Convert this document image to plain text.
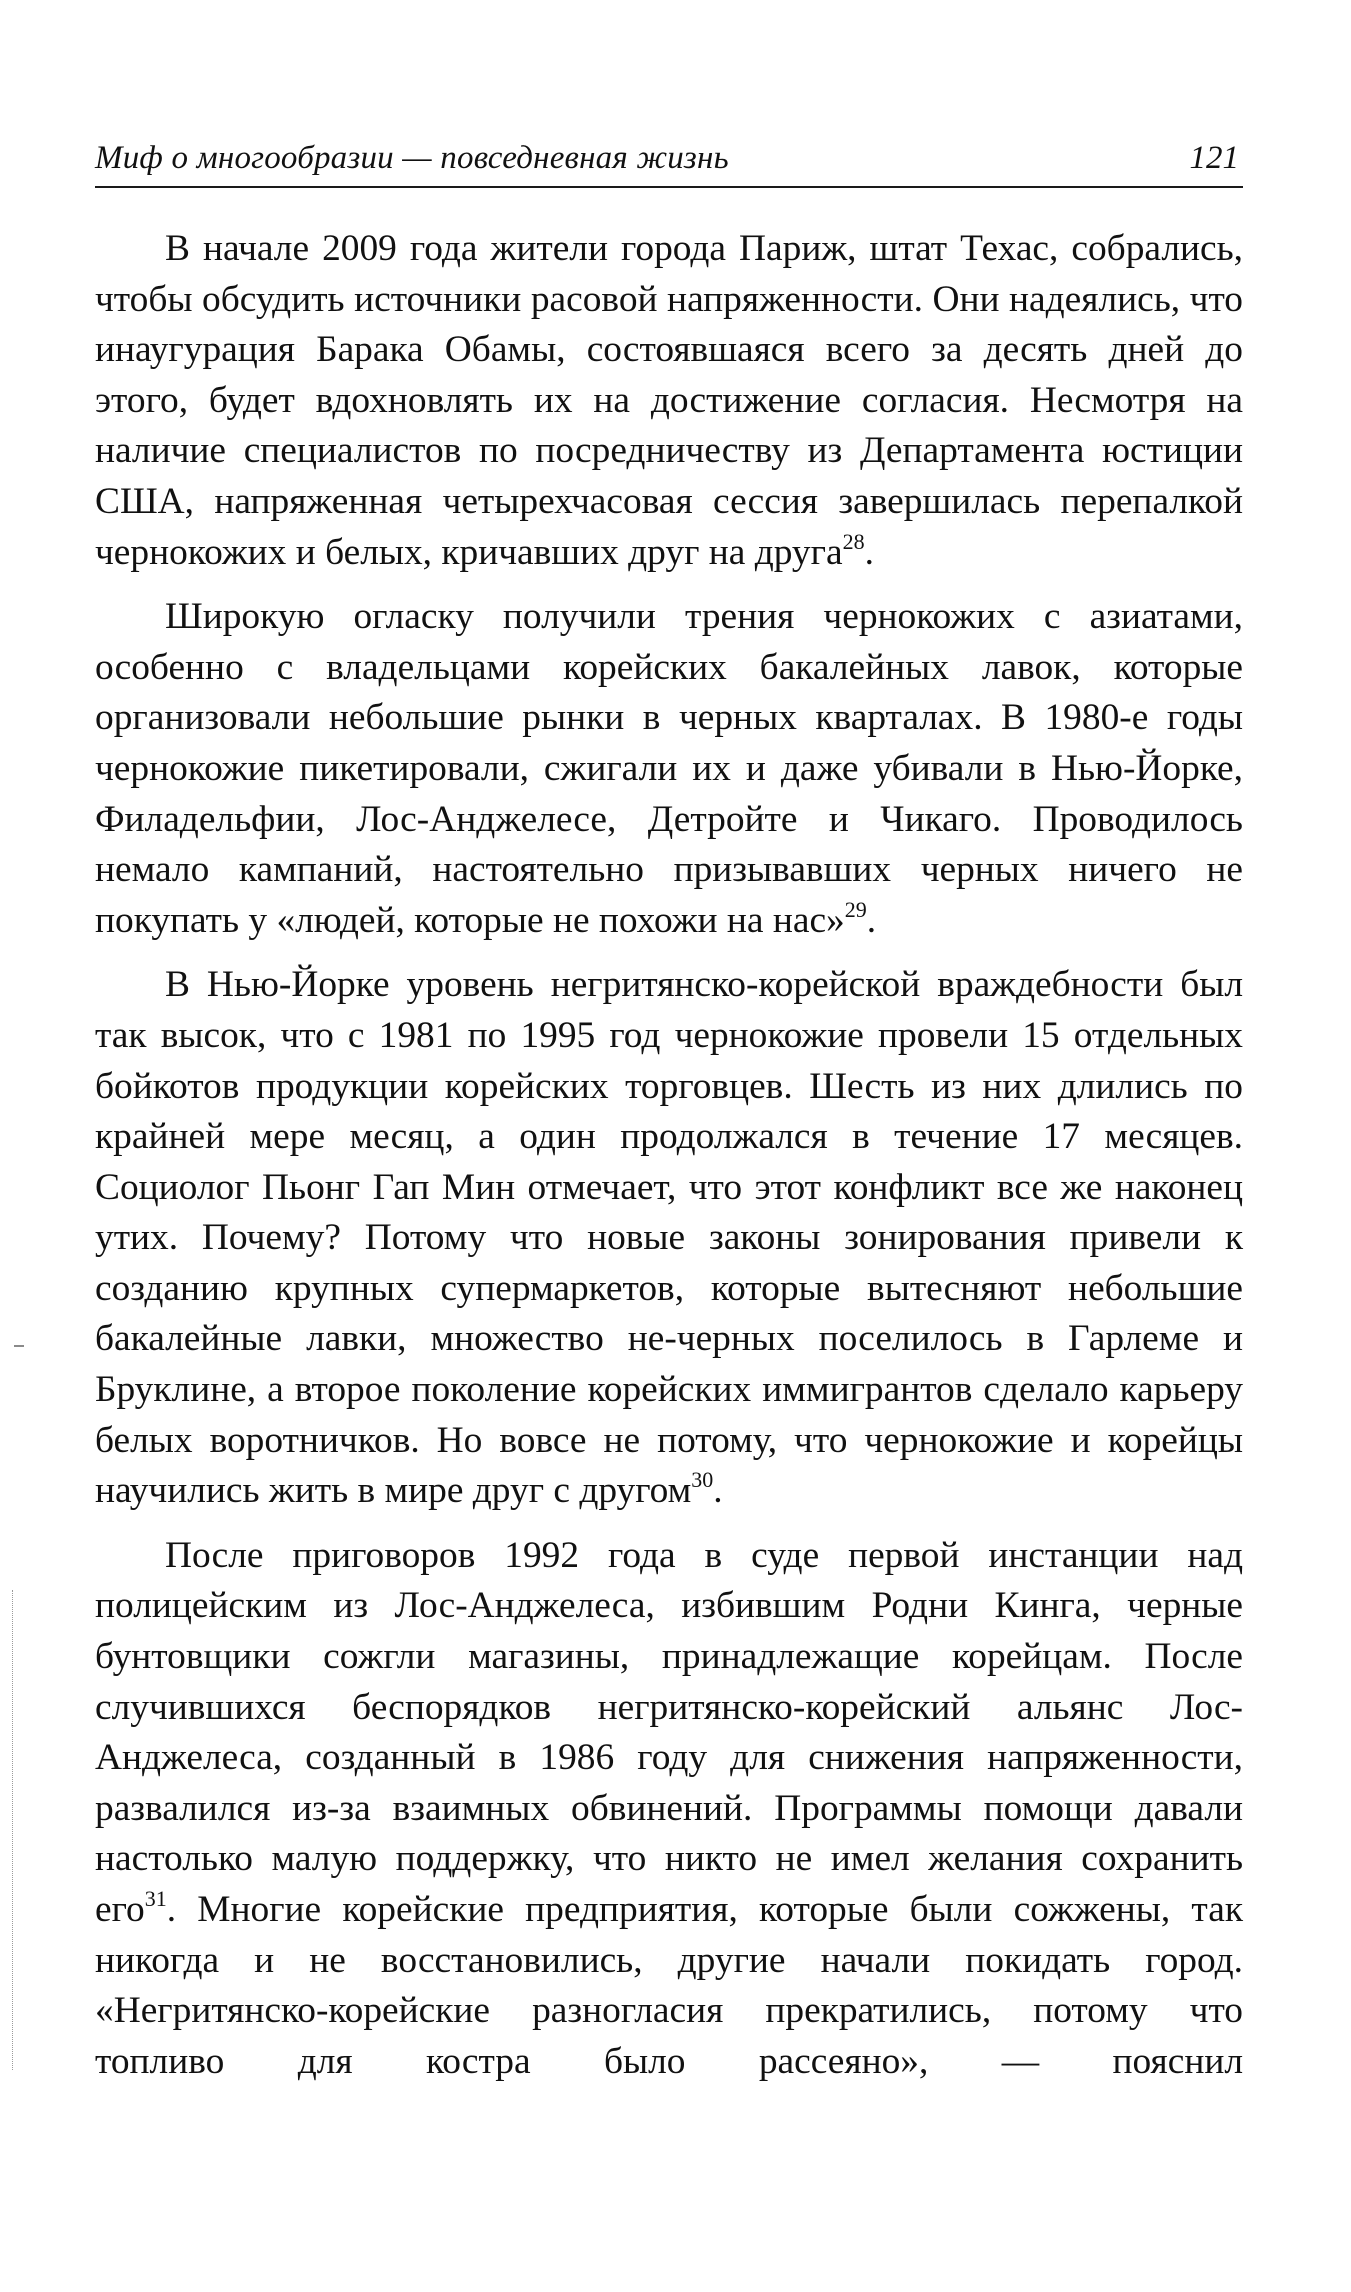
Миф о многообразии — повседневная жизнь	121

В начале 2009 года жители города Париж, штат Техас, собрались, чтобы обсудить источники расовой напряженности. Они надеялись, что инаугурация Барака Обамы, состоявшаяся всего за десять дней до этого, будет вдохновлять их на достижение согласия. Несмотря на наличие специалистов по посредничеству из Департамента юстиции США, напряженная четырехчасовая сессия завершилась перепалкой чернокожих и белых, кричавших друг на друга$^{28}$.

Широкую огласку получили трения чернокожих с азиатами, особенно с владельцами корейских бакалейных лавок, которые организовали небольшие рынки в черных кварталах. В 1980-е годы чернокожие пикетировали, сжигали их и даже убивали в Нью-Йорке, Филадельфии, Лос-Анджелесе, Детройте и Чикаго. Проводилось немало кампаний, настоятельно призывавших черных ничего не покупать у «людей, которые не похожи на нас»$^{29}$.

В Нью-Йорке уровень негритянско-корейской враждебности был так высок, что с 1981 по 1995 год чернокожие провели 15 отдельных бойкотов продукции корейских торговцев. Шесть из них длились по крайней мере месяц, а один продолжался в течение 17 месяцев. Социолог Пьонг Гап Мин отмечает, что этот конфликт все же наконец утих. Почему? Потому что новые законы зонирования привели к созданию крупных супермаркетов, которые вытесняют небольшие бакалейные лавки, множество не-черных поселилось в Гарлеме и Бруклине, а второе поколение корейских иммигрантов сделало карьеру белых воротничков. Но вовсе не потому, что чернокожие и корейцы научились жить в мире друг с другом$^{30}$.

После приговоров 1992 года в суде первой инстанции над полицейским из Лос-Анджелеса, избившим Родни Кинга, черные бунтовщики сожгли магазины, принадлежащие корейцам. После случившихся беспорядков негритянско-корейский альянс Лос-Анджелеса, созданный в 1986 году для снижения напряженности, развалился из-за взаимных обвинений. Программы помощи давали настолько малую поддержку, что никто не имел желания сохранить его$^{31}$. Многие корейские предприятия, которые были сожжены, так никогда и не восстановились, другие начали покидать город. «Негритянско-корейские разногласия прекратились, потому что топливо для костра было рассеяно», — пояснил
